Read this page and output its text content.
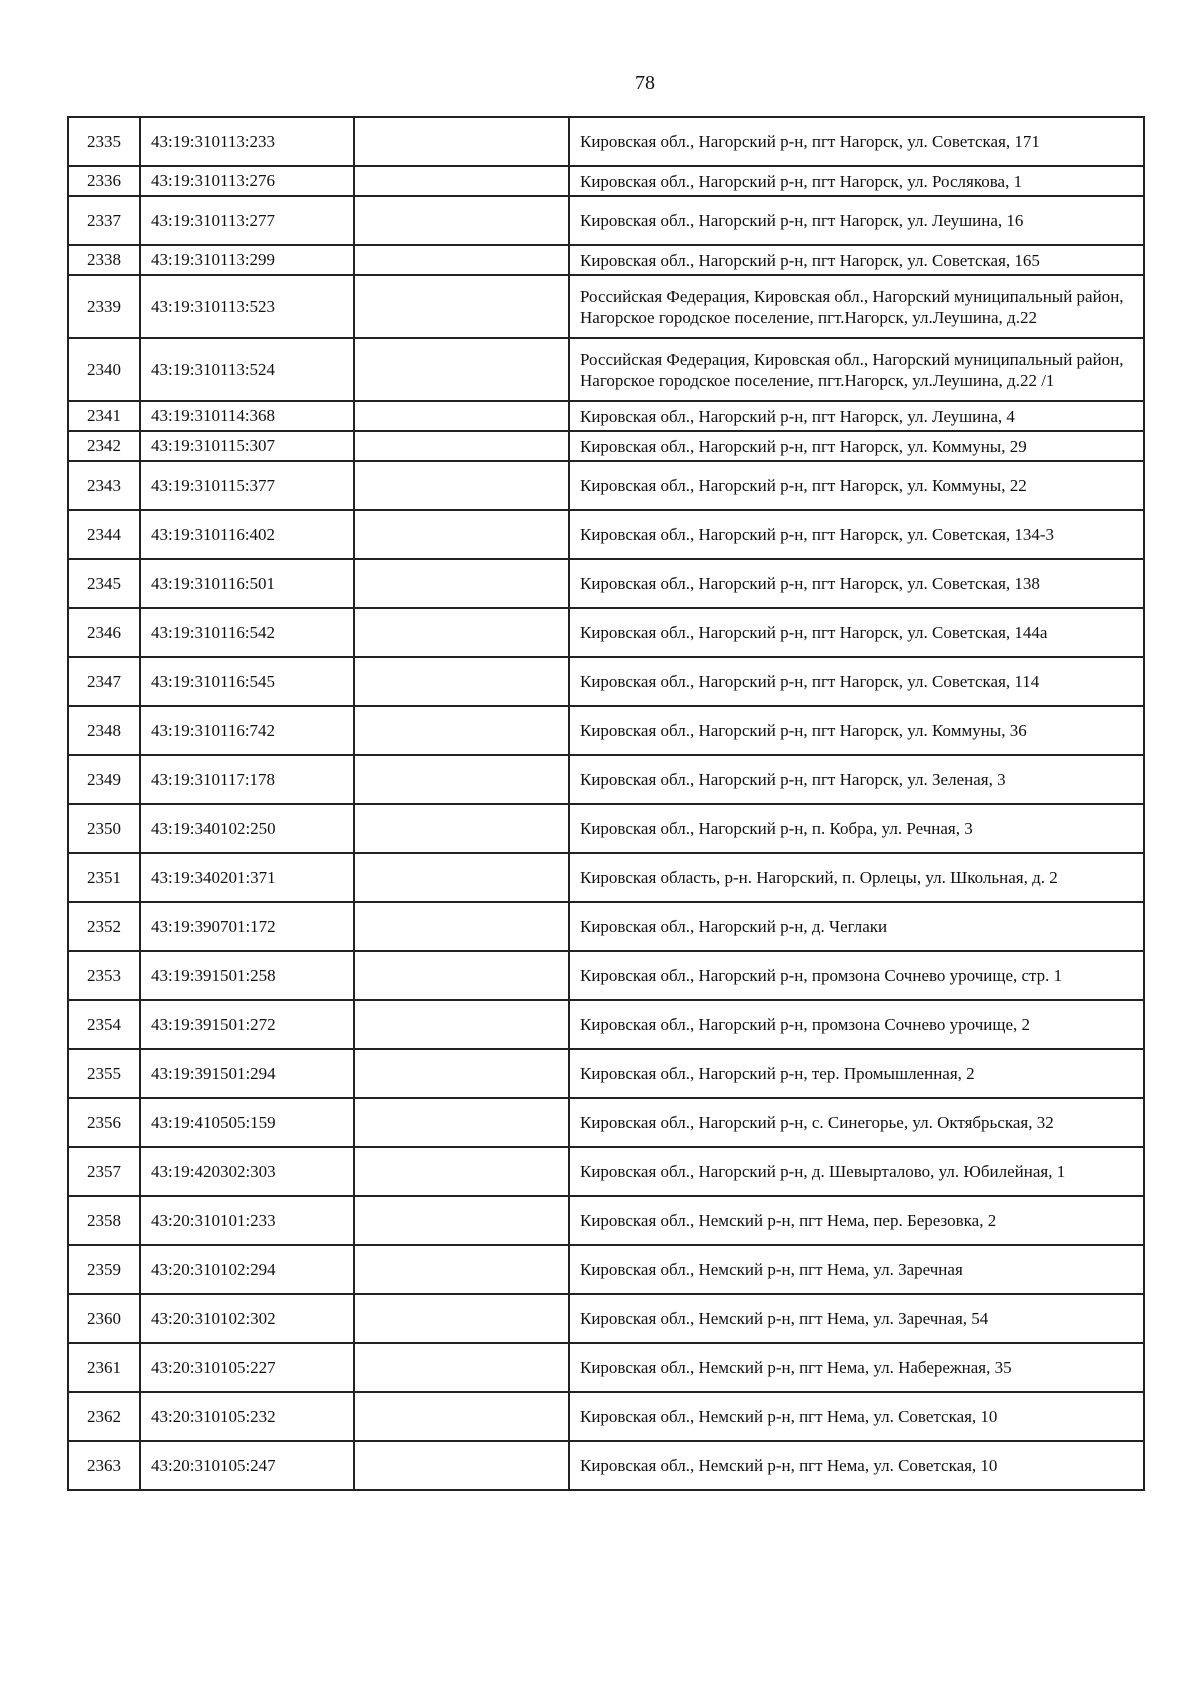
78
2335	43:19:310113:233		Кировская обл., Нагорский р-н, пгт Нагорск, ул. Советская, 171
2336	43:19:310113:276		Кировская обл., Нагорский р-н, пгт Нагорск, ул. Рослякова, 1
2337	43:19:310113:277		Кировская обл., Нагорский р-н, пгт Нагорск, ул. Леушина, 16
2338	43:19:310113:299		Кировская обл., Нагорский р-н, пгт Нагорск, ул. Советская, 165
2339	43:19:310113:523		Российская Федерация, Кировская обл., Нагорский муниципальный район, Нагорское городское поселение, пгт.Нагорск, ул.Леушина, д.22
2340	43:19:310113:524		Российская Федерация, Кировская обл., Нагорский муниципальный район, Нагорское городское поселение, пгт.Нагорск, ул.Леушина, д.22 /1
2341	43:19:310114:368		Кировская обл., Нагорский р-н, пгт Нагорск, ул. Леушина, 4
2342	43:19:310115:307		Кировская обл., Нагорский р-н, пгт Нагорск, ул. Коммуны, 29
2343	43:19:310115:377		Кировская обл., Нагорский р-н, пгт Нагорск, ул. Коммуны, 22
2344	43:19:310116:402		Кировская обл., Нагорский р-н, пгт Нагорск, ул. Советская, 134-3
2345	43:19:310116:501		Кировская обл., Нагорский р-н, пгт Нагорск, ул. Советская, 138
2346	43:19:310116:542		Кировская обл., Нагорский р-н, пгт Нагорск, ул. Советская, 144а
2347	43:19:310116:545		Кировская обл., Нагорский р-н, пгт Нагорск, ул. Советская, 114
2348	43:19:310116:742		Кировская обл., Нагорский р-н, пгт Нагорск, ул. Коммуны, 36
2349	43:19:310117:178		Кировская обл., Нагорский р-н, пгт Нагорск, ул. Зеленая, 3
2350	43:19:340102:250		Кировская обл., Нагорский р-н, п. Кобра, ул. Речная, 3
2351	43:19:340201:371		Кировская область, р-н. Нагорский, п. Орлецы, ул. Школьная, д. 2
2352	43:19:390701:172		Кировская обл., Нагорский р-н, д. Чеглаки
2353	43:19:391501:258		Кировская обл., Нагорский р-н, промзона Сочнево урочище, стр. 1
2354	43:19:391501:272		Кировская обл., Нагорский р-н, промзона Сочнево урочище, 2
2355	43:19:391501:294		Кировская обл., Нагорский р-н, тер. Промышленная, 2
2356	43:19:410505:159		Кировская обл., Нагорский р-н, с. Синегорье, ул. Октябрьская, 32
2357	43:19:420302:303		Кировская обл., Нагорский р-н, д. Шевырталово, ул. Юбилейная, 1
2358	43:20:310101:233		Кировская обл., Немский р-н, пгт Нема, пер. Березовка, 2
2359	43:20:310102:294		Кировская обл., Немский р-н, пгт Нема, ул. Заречная
2360	43:20:310102:302		Кировская обл., Немский р-н, пгт Нема, ул. Заречная, 54
2361	43:20:310105:227		Кировская обл., Немский р-н, пгт Нема, ул. Набережная, 35
2362	43:20:310105:232		Кировская обл., Немский р-н, пгт Нема, ул. Советская, 10
2363	43:20:310105:247		Кировская обл., Немский р-н, пгт Нема, ул. Советская, 10
